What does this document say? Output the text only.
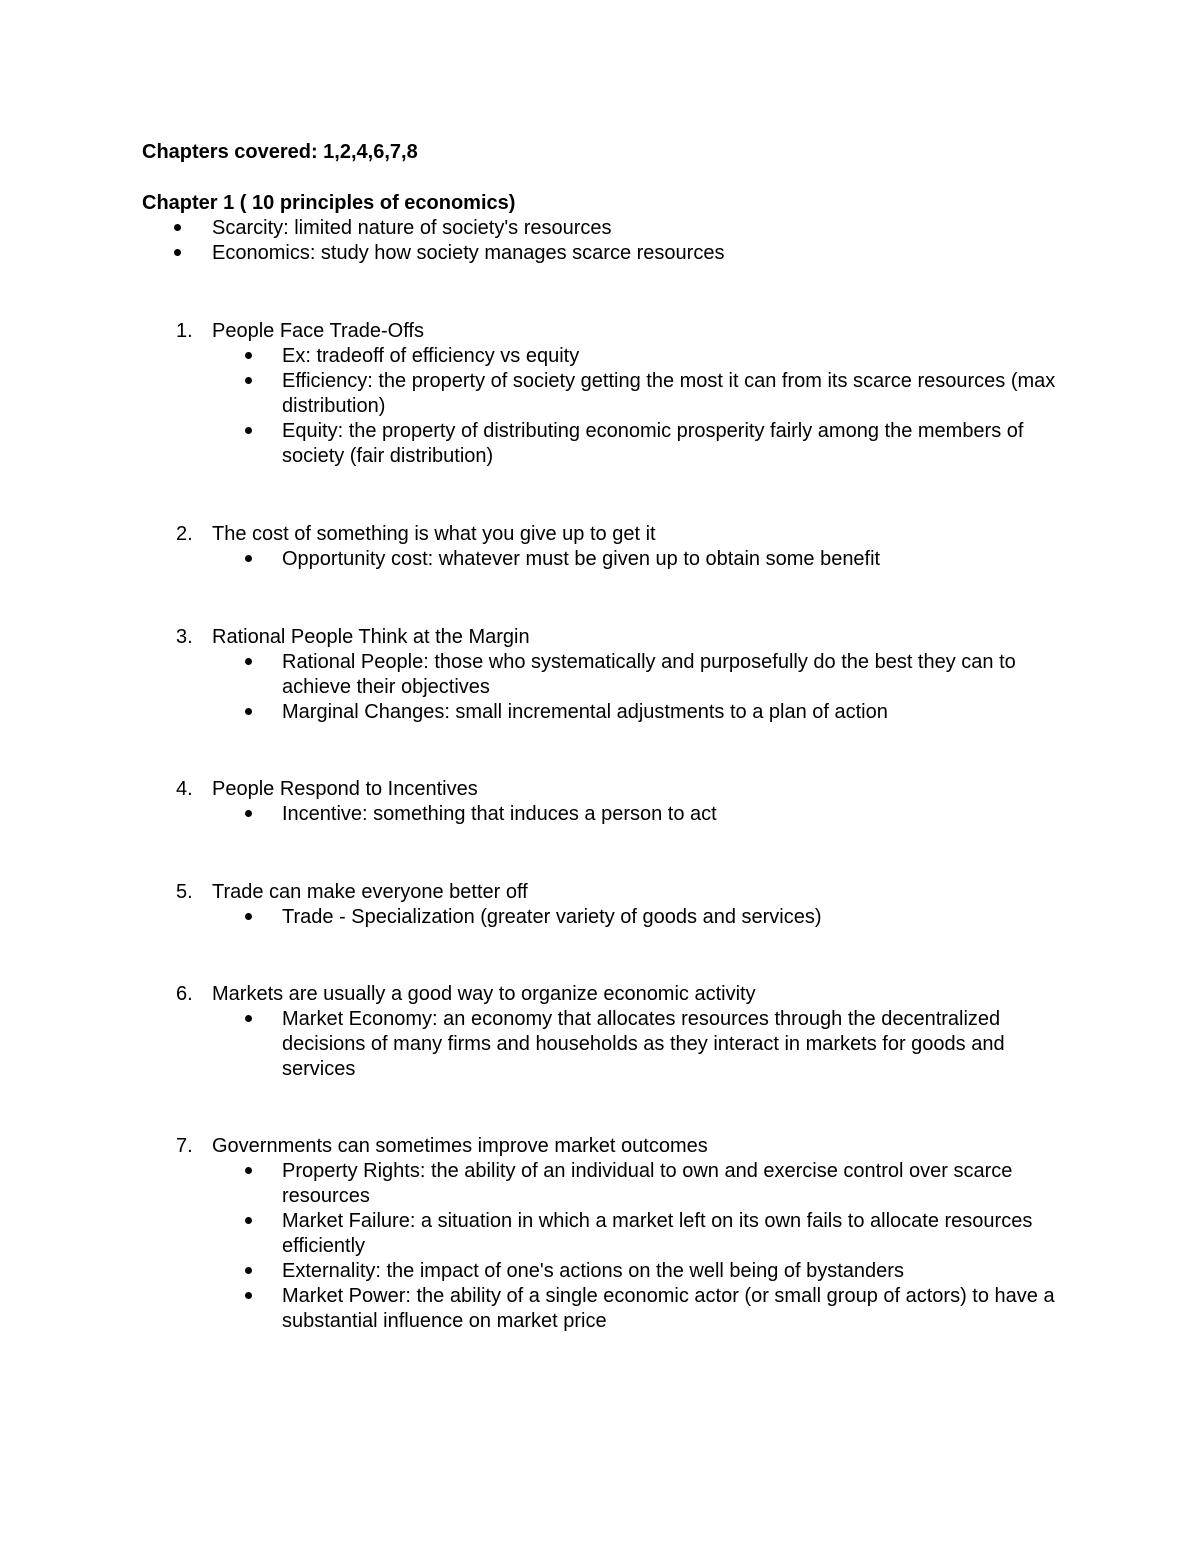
Chapters covered: 1,2,4,6,7,8

Chapter 1 ( 10 principles of economics)

Scarcity: limited nature of society's resources
Economics: study how society manages scarce resources
1. People Face Trade-Offs
Ex: tradeoff of efficiency vs equity
Efficiency: the property of society getting the most it can from its scarce resources (max distribution)
Equity: the property of distributing economic prosperity fairly among the members of society (fair distribution)
2. The cost of something is what you give up to get it
Opportunity cost: whatever must be given up to obtain some benefit
3. Rational People Think at the Margin
Rational People: those who systematically and purposefully do the best they can to achieve their objectives
Marginal Changes: small incremental adjustments to a plan of action
4. People Respond to Incentives
Incentive: something that induces a person to act
5. Trade can make everyone better off
Trade - Specialization (greater variety of goods and services)
6. Markets are usually a good way to organize economic activity
Market Economy: an economy that allocates resources through the decentralized decisions of many firms and households as they interact in markets for goods and services
7. Governments can sometimes improve market outcomes
Property Rights: the ability of an individual to own and exercise control over scarce resources
Market Failure: a situation in which a market left on its own fails to allocate resources efficiently
Externality: the impact of one's actions on the well being of bystanders
Market Power: the ability of a single economic actor (or small group of actors) to have a substantial influence on market price
